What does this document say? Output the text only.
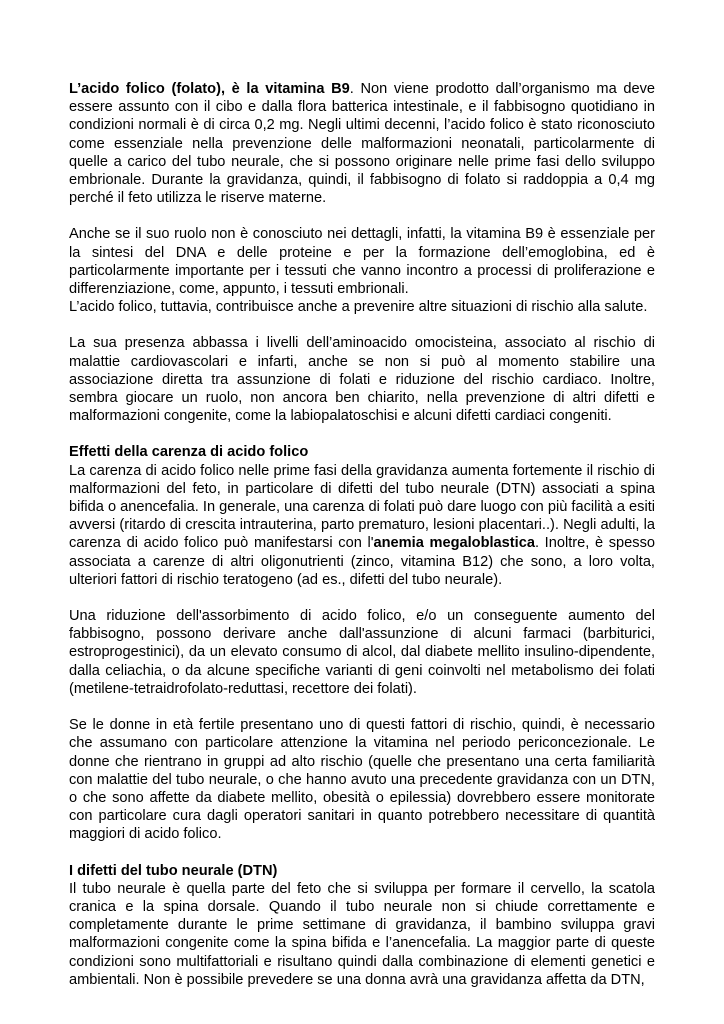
L’acido folico (folato), è la vitamina B9. Non viene prodotto dall’organismo ma deve essere assunto con il cibo e dalla flora batterica intestinale, e il fabbisogno quotidiano in condizioni normali è di circa 0,2 mg. Negli ultimi decenni, l’acido folico è stato riconosciuto come essenziale nella prevenzione delle malformazioni neonatali, particolarmente di quelle a carico del tubo neurale, che si possono originare nelle prime fasi dello sviluppo embrionale. Durante la gravidanza, quindi, il fabbisogno di folato si raddoppia a 0,4 mg perché il feto utilizza le riserve materne.

Anche se il suo ruolo non è conosciuto nei dettagli, infatti, la vitamina B9 è essenziale per la sintesi del DNA e delle proteine e per la formazione dell’emoglobina, ed è particolarmente importante per i tessuti che vanno incontro a processi di proliferazione e differenziazione, come, appunto, i tessuti embrionali.

L’acido folico, tuttavia, contribuisce anche a prevenire altre situazioni di rischio alla salute.

La sua presenza abbassa i livelli dell’aminoacido omocisteina, associato al rischio di malattie cardiovascolari e infarti, anche se non si può al momento stabilire una associazione diretta tra assunzione di folati e riduzione del rischio cardiaco. Inoltre, sembra giocare un ruolo, non ancora ben chiarito, nella prevenzione di altri difetti e malformazioni congenite, come la labiopalatoschisi e alcuni difetti cardiaci congeniti.

Effetti della carenza di acido folico

La carenza di acido folico nelle prime fasi della gravidanza aumenta fortemente il rischio di malformazioni del feto, in particolare di difetti del tubo neurale (DTN) associati a spina bifida o anencefalia. In generale, una carenza di folati può dare luogo con più facilità a esiti avversi (ritardo di crescita intrauterina, parto prematuro, lesioni placentari..). Negli adulti, la carenza di acido folico può manifestarsi con l'anemia megaloblastica. Inoltre, è spesso associata a carenze di altri oligonutrienti (zinco, vitamina B12) che sono, a loro volta, ulteriori fattori di rischio teratogeno (ad es., difetti del tubo neurale).

Una riduzione dell'assorbimento di acido folico, e/o un conseguente aumento del fabbisogno, possono derivare anche dall'assunzione di alcuni farmaci (barbiturici, estroprogestinici), da un elevato consumo di alcol, dal diabete mellito insulino-dipendente, dalla celiachia, o da alcune specifiche varianti di geni coinvolti nel metabolismo dei folati (metilene-tetraidrofolato-reduttasi, recettore dei folati).

Se le donne in età fertile presentano uno di questi fattori di rischio, quindi, è necessario che assumano con particolare attenzione la vitamina nel periodo periconcezionale. Le donne che rientrano in gruppi ad alto rischio (quelle che presentano una certa familiarità con malattie del tubo neurale, o che hanno avuto una precedente gravidanza con un DTN, o che sono affette da diabete mellito, obesità o epilessia) dovrebbero essere monitorate con particolare cura dagli operatori sanitari in quanto potrebbero necessitare di quantità maggiori di acido folico.

I difetti del tubo neurale (DTN)

Il tubo neurale è quella parte del feto che si sviluppa per formare il cervello, la scatola cranica e la spina dorsale. Quando il tubo neurale non si chiude correttamente e completamente durante le prime settimane di gravidanza, il bambino sviluppa gravi malformazioni congenite come la spina bifida e l’anencefalia. La maggior parte di queste condizioni sono multifattoriali e risultano quindi dalla combinazione di elementi genetici e ambientali. Non è possibile prevedere se una donna avrà una gravidanza affetta da DTN,
